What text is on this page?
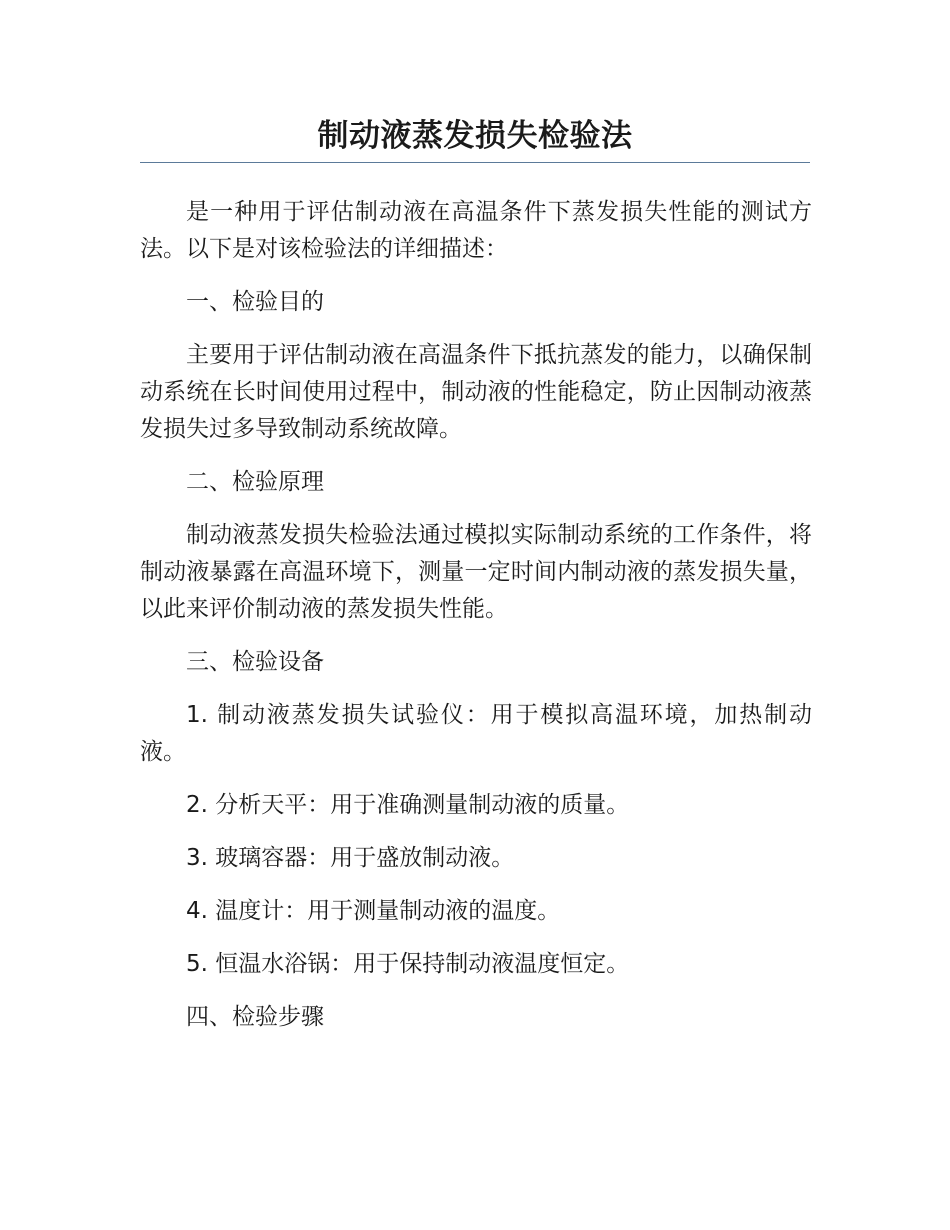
制动液蒸发损失检验法

是一种用于评估制动液在高温条件下蒸发损失性能的测试方法。以下是对该检验法的详细描述：

一、检验目的

主要用于评估制动液在高温条件下抵抗蒸发的能力，以确保制动系统在长时间使用过程中，制动液的性能稳定，防止因制动液蒸发损失过多导致制动系统故障。

二、检验原理

制动液蒸发损失检验法通过模拟实际制动系统的工作条件，将制动液暴露在高温环境下，测量一定时间内制动液的蒸发损失量，以此来评价制动液的蒸发损失性能。

三、检验设备

1. 制动液蒸发损失试验仪：用于模拟高温环境，加热制动液。

2. 分析天平：用于准确测量制动液的质量。

3. 玻璃容器：用于盛放制动液。

4. 温度计：用于测量制动液的温度。

5. 恒温水浴锅：用于保持制动液温度恒定。

四、检验步骤
